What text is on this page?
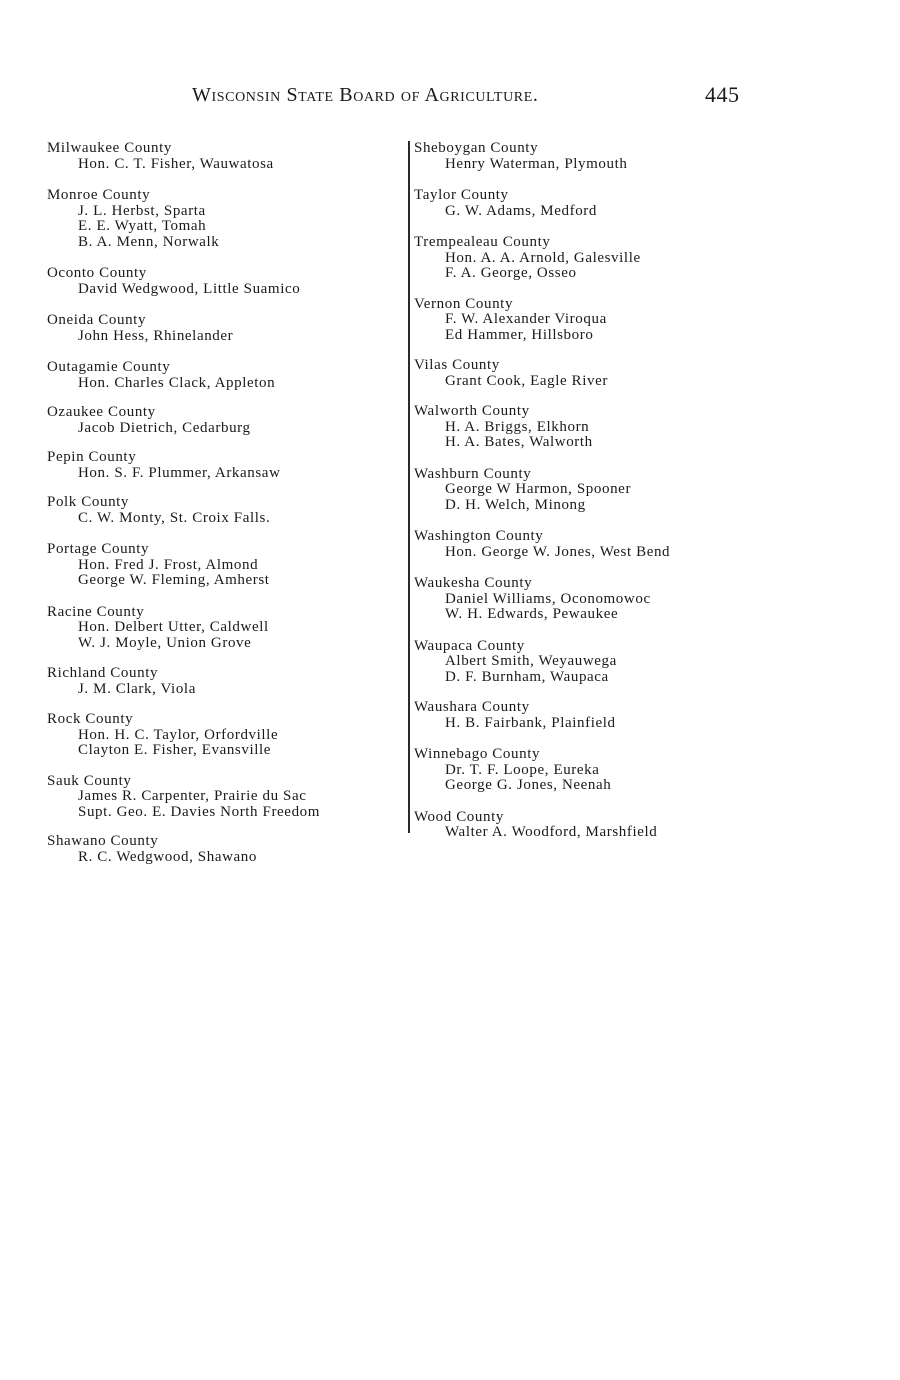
Wisconsin State Board of Agriculture.	445
Milwaukee County
Hon. C. T. Fisher, Wauwatosa
Monroe County
J. L. Herbst, Sparta
E. E. Wyatt, Tomah
B. A. Menn, Norwalk
Oconto County
David Wedgwood, Little Suamico
Oneida County
John Hess, Rhinelander
Outagamie County
Hon. Charles Clack, Appleton
Ozaukee County
Jacob Dietrich, Cedarburg
Pepin County
Hon. S. F. Plummer, Arkansaw
Polk County
C. W. Monty, St. Croix Falls.
Portage County
Hon. Fred J. Frost, Almond
George W. Fleming, Amherst
Racine County
Hon. Delbert Utter, Caldwell
W. J. Moyle, Union Grove
Richland County
J. M. Clark, Viola
Rock County
Hon. H. C. Taylor, Orfordville
Clayton E. Fisher, Evansville
Sauk County
James R. Carpenter, Prairie du Sac
Supt. Geo. E. Davies North Freedom
Shawano County
R. C. Wedgwood, Shawano
Sheboygan County
Henry Waterman, Plymouth
Taylor County
G. W. Adams, Medford
Trempealeau County
Hon. A. A. Arnold, Galesville
F. A. George, Osseo
Vernon County
F. W. Alexander Viroqua
Ed Hammer, Hillsboro
Vilas County
Grant Cook, Eagle River
Walworth County
H. A. Briggs, Elkhorn
H. A. Bates, Walworth
Washburn County
George W Harmon, Spooner
D. H. Welch, Minong
Washington County
Hon. George W. Jones, West Bend
Waukesha County
Daniel Williams, Oconomowoc
W. H. Edwards, Pewaukee
Waupaca County
Albert Smith, Weyauwega
D. F. Burnham, Waupaca
Waushara County
H. B. Fairbank, Plainfield
Winnebago County
Dr. T. F. Loope, Eureka
George G. Jones, Neenah
Wood County
Walter A. Woodford, Marshfield
